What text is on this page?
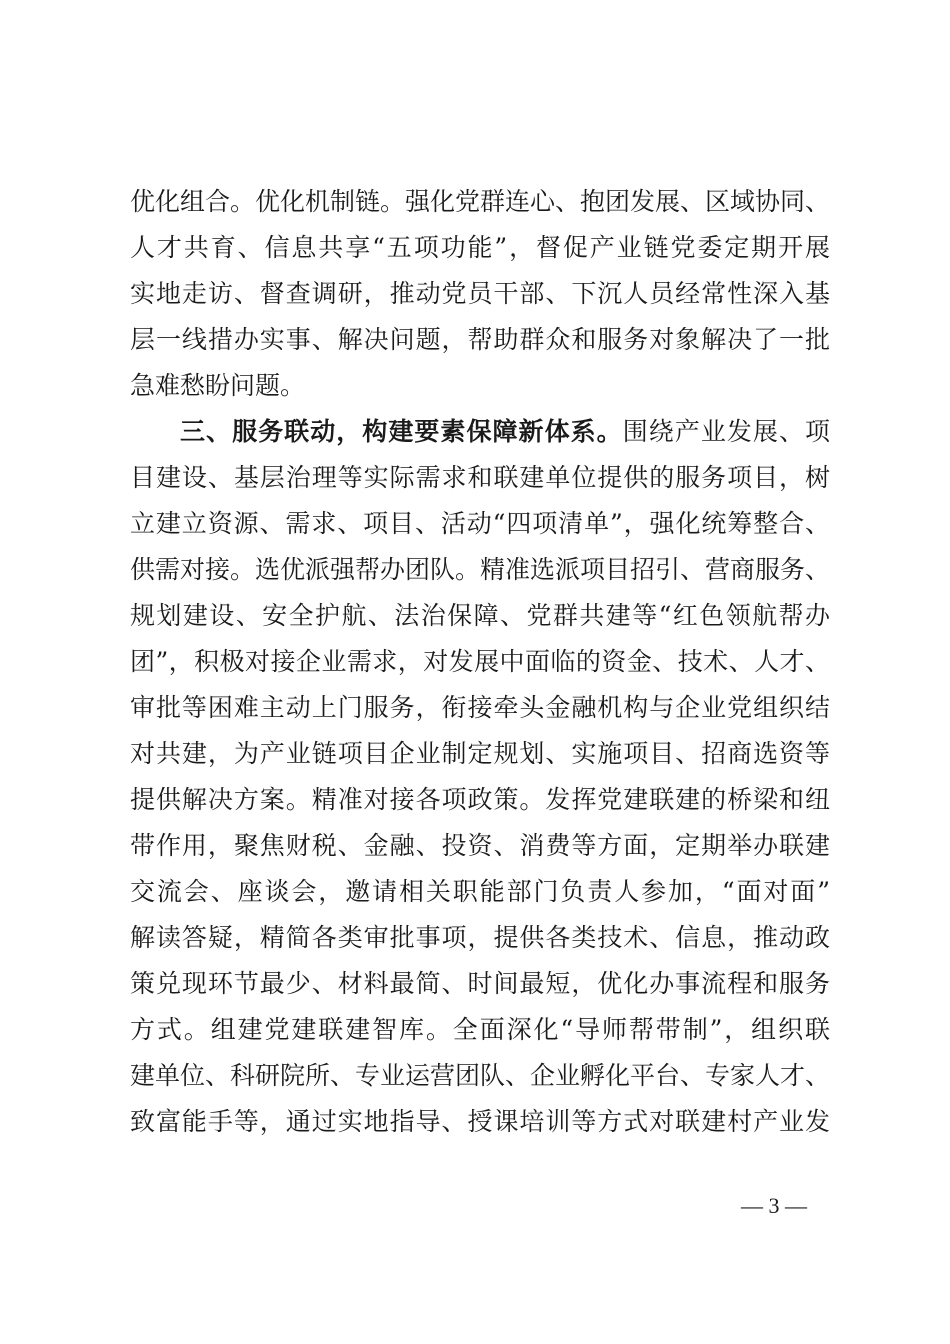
优化组合。优化机制链。强化党群连心、抱团发展、区域协同、
人才共育、信息共享“五项功能”，督促产业链党委定期开展
实地走访、督查调研，推动党员干部、下沉人员经常性深入基
层一线措办实事、解决问题，帮助群众和服务对象解决了一批
急难愁盼问题。
三、服务联动，构建要素保障新体系。围绕产业发展、项
目建设、基层治理等实际需求和联建单位提供的服务项目，树
立建立资源、需求、项目、活动“四项清单”，强化统筹整合、
供需对接。选优派强帮办团队。精准选派项目招引、营商服务、
规划建设、安全护航、法治保障、党群共建等“红色领航帮办
团”，积极对接企业需求，对发展中面临的资金、技术、人才、
审批等困难主动上门服务，衔接牵头金融机构与企业党组织结
对共建，为产业链项目企业制定规划、实施项目、招商选资等
提供解决方案。精准对接各项政策。发挥党建联建的桥梁和纽
带作用，聚焦财税、金融、投资、消费等方面，定期举办联建
交流会、座谈会，邀请相关职能部门负责人参加，“面对面”
解读答疑，精简各类审批事项，提供各类技术、信息，推动政
策兑现环节最少、材料最简、时间最短，优化办事流程和服务
方式。组建党建联建智库。全面深化“导师帮带制”，组织联
建单位、科研院所、专业运营团队、企业孵化平台、专家人才、
致富能手等，通过实地指导、授课培训等方式对联建村产业发
— 3 —
